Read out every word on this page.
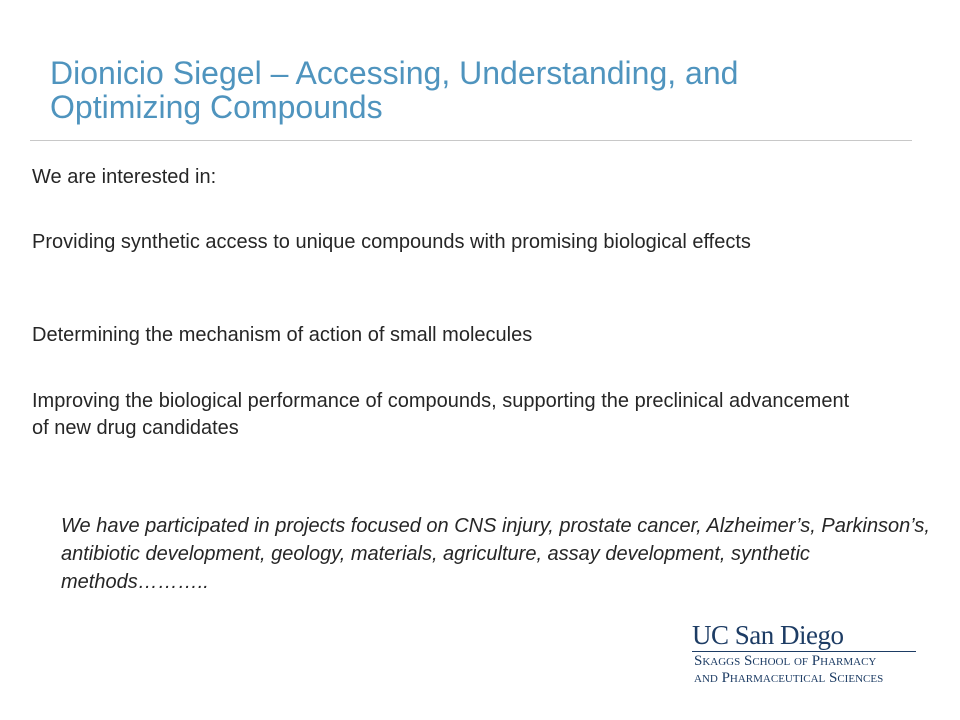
Dionicio Siegel – Accessing, Understanding, and
Optimizing Compounds

We are interested in:

Providing synthetic access to unique compounds with promising biological effects

Determining the mechanism of action of small molecules

Improving the biological performance of compounds, supporting the preclinical advancement of new drug candidates

We have participated in projects focused on CNS injury, prostate cancer, Alzheimer’s, Parkinson’s, antibiotic development, geology, materials, agriculture, assay development, synthetic methods………..

UC San Diego
Skaggs School of Pharmacy
and Pharmaceutical Sciences
